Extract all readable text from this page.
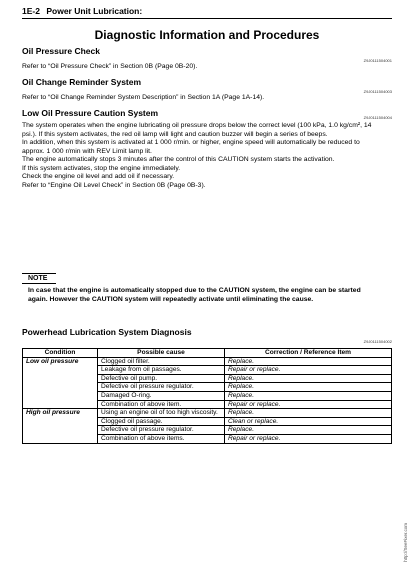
1E-2 Power Unit Lubrication:
Diagnostic Information and Procedures
Oil Pressure Check
Z9J0111504001
Refer to “Oil Pressure Check” in Section 0B (Page 0B-20).
Oil Change Reminder System
Z9J0111504003
Refer to “Oil Change Reminder System Description” in Section 1A (Page 1A-14).
Low Oil Pressure Caution System	Z9J0111504004
The system operates when the engine lubricating oil pressure drops below the correct level (100 kPa, 1.0 kg/cm², 14
psi.). If this system activates, the red oil lamp will light and caution buzzer will begin a series of beeps.
In addition, when this system is activated at 1 000 r/min. or higher, engine speed will automatically be reduced to
approx. 1 000 r/min with REV Limit lamp lit.
The engine automatically stops 3 minutes after the control of this CAUTION system starts the activation.
If this system activates, stop the engine immediately.
Check the engine oil level and add oil if necessary.
Refer to “Engine Oil Level Check” in Section 0B (Page 0B-3).
NOTE
In case that the engine is automatically stopped due to the CAUTION system, the engine can be started
again. However the CAUTION system will repeatedly activate until eliminating the cause.
Powerhead Lubrication System Diagnosis
Z9J0111504002
Condition	Possible cause	Correction / Reference Item
Low oil pressure	Clogged oil filter.	Replace.
	Leakage from oil passages.	Repair or replace.
	Defective oil pump.	Replace.
	Defective oil pressure regulator.	Replace.
	Damaged O-ring.	Replace.
	Combination of above item.	Repair or replace.
High oil pressure	Using an engine oil of too high viscosity.	Replace.
	Clogged oil passage.	Clean or replace.
	Defective oil pressure regulator.	Replace.
	Combination of above items.	Repair or replace.
http://SeeFixer.com
